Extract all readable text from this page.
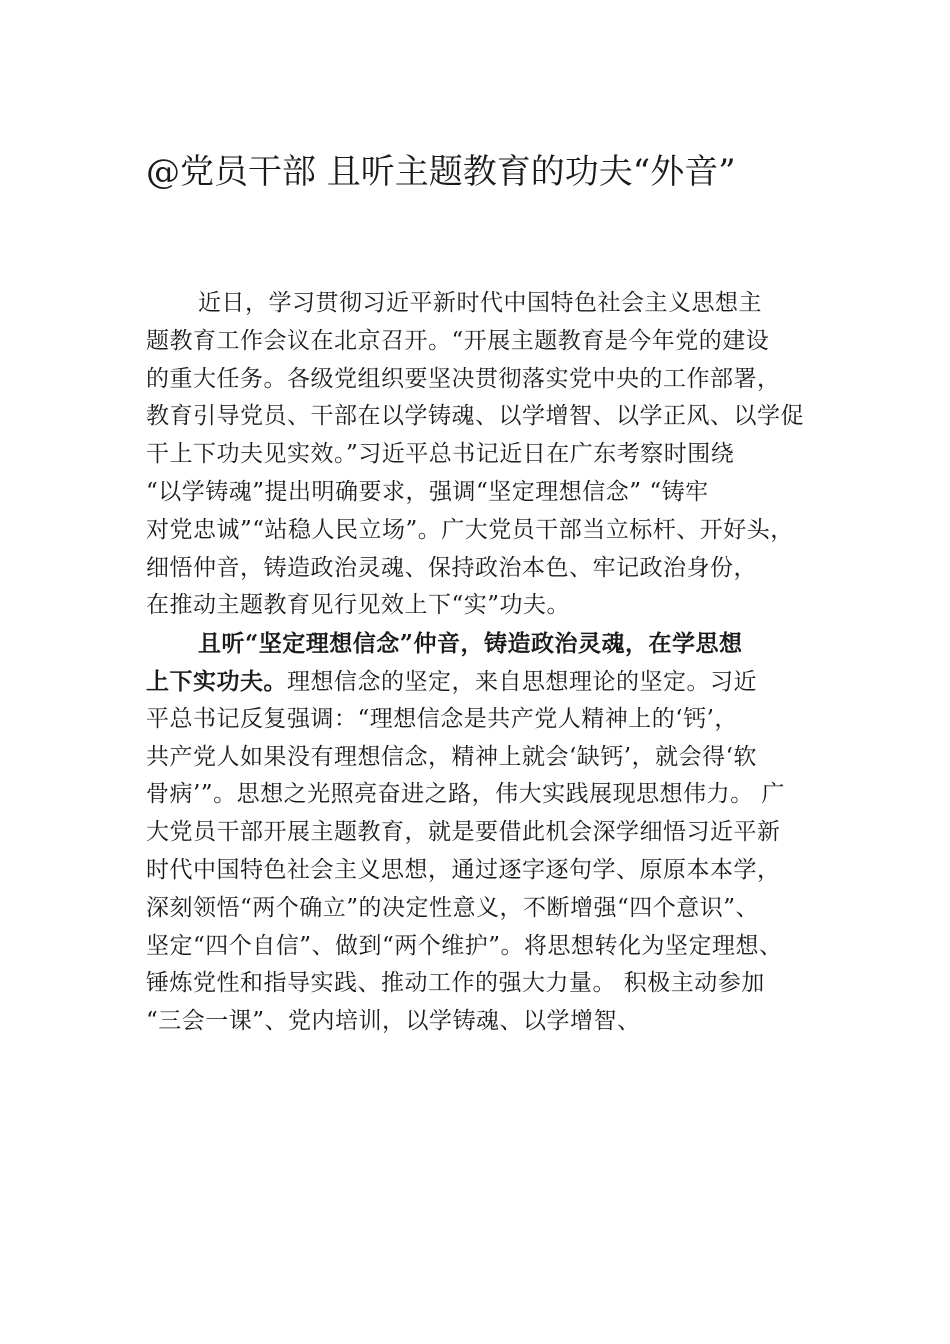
@党员干部 且听主题教育的功夫“外音”
近日，学习贯彻习近平新时代中国特色社会主义思想主
题教育工作会议在北京召开。“开展主题教育是今年党的建设
的重大任务。各级党组织要坚决贯彻落实党中央的工作部署，
教育引导党员、干部在以学铸魂、以学增智、以学正风、以学促
干上下功夫见实效。”习近平总书记近日在广东考察时围绕
“以学铸魂”提出明确要求，强调“坚定理想信念” “铸牢
对党忠诚”“站稳人民立场”。广大党员干部当立标杆、开好头，
细悟仲音，铸造政治灵魂、保持政治本色、牢记政治身份，
在推动主题教育见行见效上下“实”功夫。
且听“坚定理想信念”仲音，铸造政治灵魂，在学思想
上下实功夫。理想信念的坚定，来自思想理论的坚定。习近
平总书记反复强调：“理想信念是共产党人精神上的‘钙’，
共产党人如果没有理想信念，精神上就会‘缺钙’，就会得‘软
骨病’”。思想之光照亮奋进之路，伟大实践展现思想伟力。 广
大党员干部开展主题教育，就是要借此机会深学细悟习近平新
时代中国特色社会主义思想，通过逐字逐句学、原原本本学，
深刻领悟“两个确立”的决定性意义，不断增强“四个意识”、
坚定“四个自信”、做到“两个维护”。将思想转化为坚定理想、
锤炼党性和指导实践、推动工作的强大力量。 积极主动参加
“三会一课”、党内培训，以学铸魂、以学增智、
